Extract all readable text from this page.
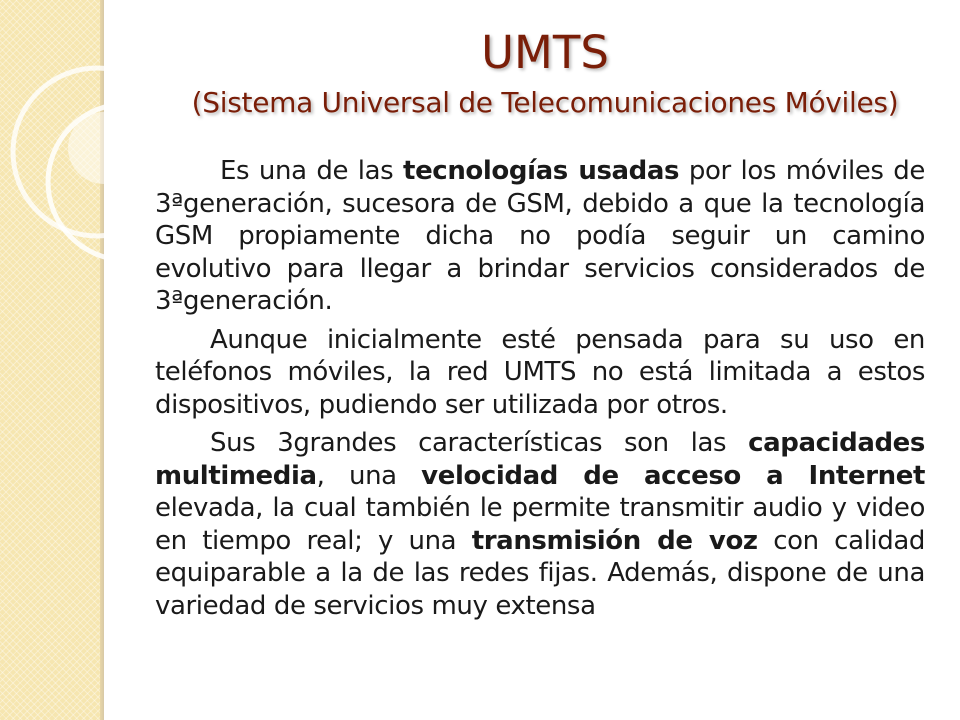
UMTS
(Sistema Universal de Telecomunicaciones Móviles)

Es una de las tecnologías usadas por los móviles de 3ªgeneración, sucesora de GSM, debido a que la tecnología GSM propiamente dicha no podía seguir un camino evolutivo para llegar a brindar servicios considerados de 3ªgeneración.

Aunque inicialmente esté pensada para su uso en teléfonos móviles, la red UMTS no está limitada a estos dispositivos, pudiendo ser utilizada por otros.

Sus 3grandes características son las capacidades multimedia, una velocidad de acceso a Internet elevada, la cual también le permite transmitir audio y video en tiempo real; y una transmisión de voz con calidad equiparable a la de las redes fijas. Además, dispone de una variedad de servicios muy extensa
